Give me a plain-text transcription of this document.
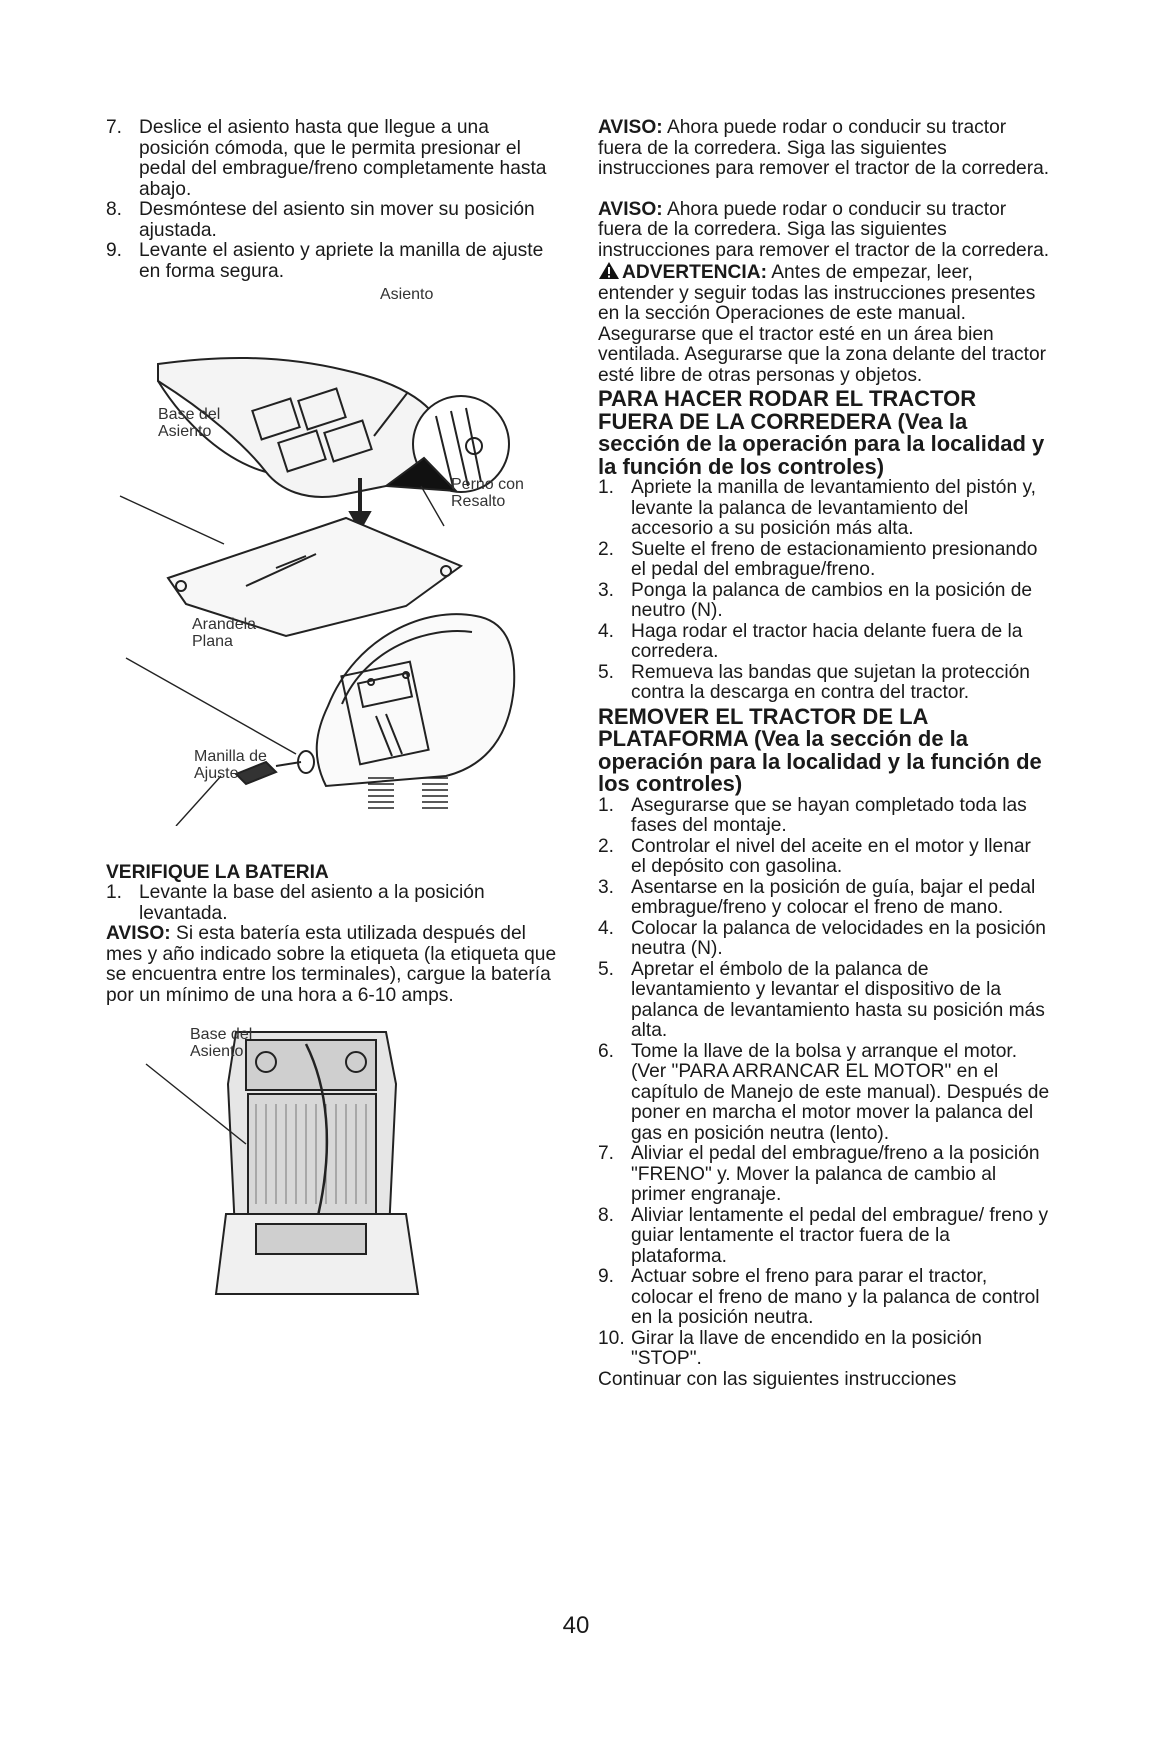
7. Deslice el asiento hasta que llegue a una posición cómoda, que le permita presionar el pedal del embrague/freno completamente hasta abajo.
8. Desmóntese del asiento sin mover su posición ajustada.
9. Levante el asiento y apriete la manilla de ajuste en forma segura.
Asiento
Base del Asiento
Perno con Resalto
Arandela Plana
Manilla de Ajuste
VERIFIQUE LA BATERIA
1. Levante la base del asiento a la posición levantada.

AVISO: Si esta batería esta utilizada después del mes y año indicado sobre la etiqueta (la etiqueta que se encuentra entre los terminales), cargue la batería por un mínimo de una hora a 6-10 amps.

Base del Asiento

AVISO: Ahora puede rodar o conducir su tractor fuera de la corredera. Siga las siguientes instrucciones para remover el tractor de la corredera.

AVISO: Ahora puede rodar o conducir su tractor fuera de la corredera. Siga las siguientes instrucciones para remover el tractor de la corredera.

ADVERTENCIA: Antes de empezar, leer, entender y seguir todas las instrucciones presentes en la sección Operaciones de este manual. Asegurarse que el tractor esté en un área bien ventilada. Asegurarse que la zona delante del tractor esté libre de otras personas y objetos.

PARA HACER RODAR EL TRACTOR FUERA DE LA CORREDERA (Vea la sección de la operación para la localidad y la función de los controles)
1. Apriete la manilla de levantamiento del pistón y, levante la palanca de levantamiento del accesorio a su posición más alta.
2. Suelte el freno de estacionamiento presionando el pedal del embrague/freno.
3. Ponga la palanca de cambios en la posición de neutro (N).
4. Haga rodar el tractor hacia delante fuera de la corredera.
5. Remueva las bandas que sujetan la protección contra la descarga en contra del tractor.
REMOVER EL TRACTOR DE LA PLATAFORMA (Vea la sección de la operación para la localidad y la función de los controles)
1. Asegurarse que se hayan completado toda las fases del montaje.
2. Controlar el nivel del aceite en el motor y llenar el depósito con gasolina.
3. Asentarse en la posición de guía, bajar el pedal embrague/freno y colocar el freno de mano.
4. Colocar la palanca de velocidades en la posición neutra (N).
5. Apretar el émbolo de la palanca de levantamiento y levantar el dispositivo de la palanca de levantamiento hasta su posición más alta.
6. Tome la llave de la bolsa y arranque el motor. (Ver "PARA ARRANCAR EL MOTOR" en el capítulo de Manejo de este manual). Después de poner en marcha el motor mover la palanca del gas en posición neutra (lento).
7. Aliviar el pedal del embrague/freno a la posición "FRENO" y. Mover la palanca de cambio al primer engranaje.
8. Aliviar lentamente el pedal del embrague/ freno y guiar lentamente el tractor fuera de la plataforma.
9. Actuar sobre el freno para parar el tractor, colocar el freno de mano y la palanca de control en la posición neutra.
10. Girar la llave de encendido en la posición "STOP".

Continuar con las siguientes instrucciones

40
